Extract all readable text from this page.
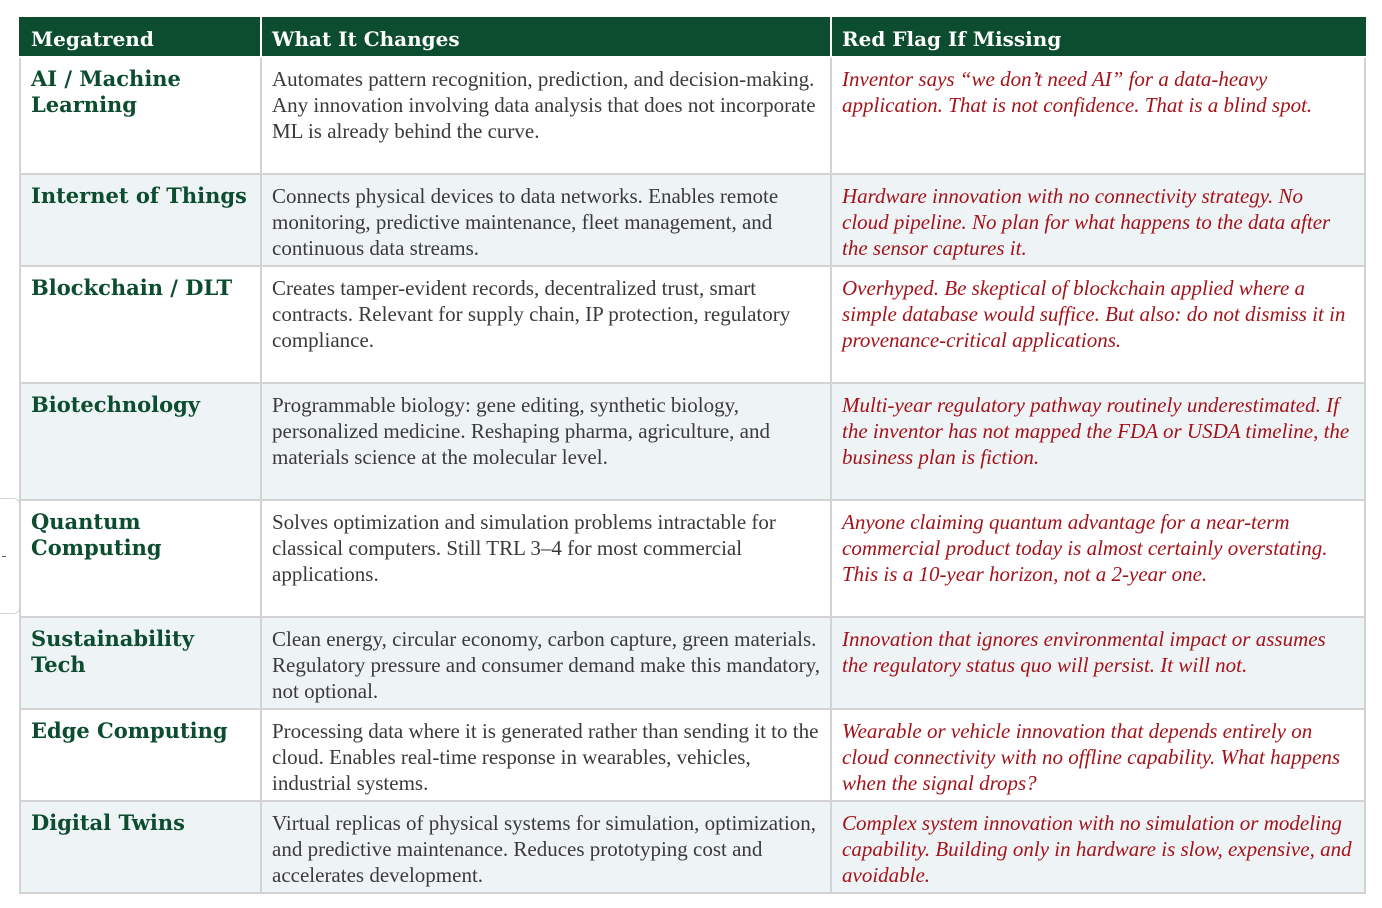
Megatrend	What It Changes	Red Flag If Missing
AI / Machine Learning	Automates pattern recognition, prediction, and decision-making. Any innovation involving data analysis that does not incorporate ML is already behind the curve.	Inventor says “we don’t need AI” for a data-heavy application. That is not confidence. That is a blind spot.
Internet of Things	Connects physical devices to data networks. Enables remote monitoring, predictive maintenance, fleet management, and continuous data streams.	Hardware innovation with no connectivity strategy. No cloud pipeline. No plan for what happens to the data after the sensor captures it.
Blockchain / DLT	Creates tamper-evident records, decentralized trust, smart contracts. Relevant for supply chain, IP protection, regulatory compliance.	Overhyped. Be skeptical of blockchain applied where a simple database would suffice. But also: do not dismiss it in provenance-critical applications.
Biotechnology	Programmable biology: gene editing, synthetic biology, personalized medicine. Reshaping pharma, agriculture, and materials science at the molecular level.	Multi-year regulatory pathway routinely underestimated. If the inventor has not mapped the FDA or USDA timeline, the business plan is fiction.
Quantum Computing	Solves optimization and simulation problems intractable for classical computers. Still TRL 3–4 for most commercial applications.	Anyone claiming quantum advantage for a near-term commercial product today is almost certainly overstating. This is a 10-year horizon, not a 2-year one.
Sustainability Tech	Clean energy, circular economy, carbon capture, green materials. Regulatory pressure and consumer demand make this mandatory, not optional.	Innovation that ignores environmental impact or assumes the regulatory status quo will persist. It will not.
Edge Computing	Processing data where it is generated rather than sending it to the cloud. Enables real-time response in wearables, vehicles, industrial systems.	Wearable or vehicle innovation that depends entirely on cloud connectivity with no offline capability. What happens when the signal drops?
Digital Twins	Virtual replicas of physical systems for simulation, optimization, and predictive maintenance. Reduces prototyping cost and accelerates development.	Complex system innovation with no simulation or modeling capability. Building only in hardware is slow, expensive, and avoidable.
